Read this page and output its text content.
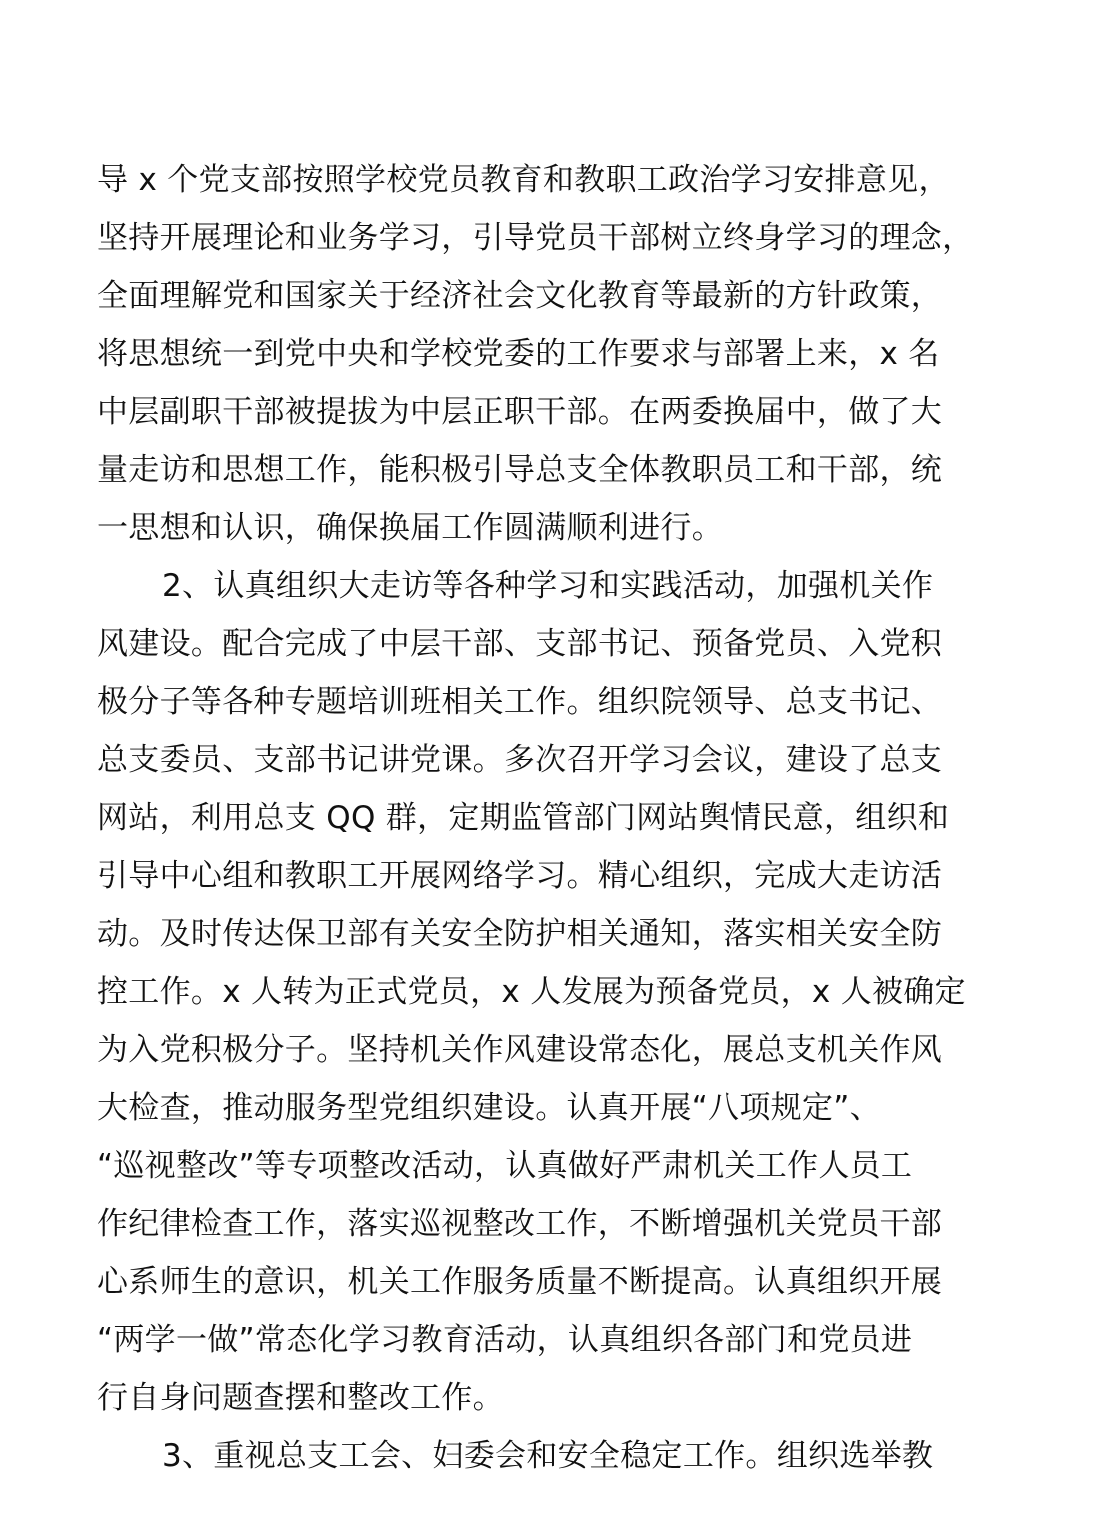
导 x 个党支部按照学校党员教育和教职工政治学习安排意见，
坚持开展理论和业务学习，引导党员干部树立终身学习的理念，
全面理解党和国家关于经济社会文化教育等最新的方针政策，
将思想统一到党中央和学校党委的工作要求与部署上来，x 名
中层副职干部被提拔为中层正职干部。在两委换届中，做了大
量走访和思想工作，能积极引导总支全体教职员工和干部，统
一思想和认识，确保换届工作圆满顺利进行。
2、认真组织大走访等各种学习和实践活动，加强机关作
风建设。配合完成了中层干部、支部书记、预备党员、入党积
极分子等各种专题培训班相关工作。组织院领导、总支书记、
总支委员、支部书记讲党课。多次召开学习会议，建设了总支
网站，利用总支 QQ 群，定期监管部门网站舆情民意，组织和
引导中心组和教职工开展网络学习。精心组织，完成大走访活
动。及时传达保卫部有关安全防护相关通知，落实相关安全防
控工作。x 人转为正式党员，x 人发展为预备党员，x 人被确定
为入党积极分子。坚持机关作风建设常态化，展总支机关作风
大检查，推动服务型党组织建设。认真开展“八项规定”、
“巡视整改”等专项整改活动，认真做好严肃机关工作人员工
作纪律检查工作，落实巡视整改工作，不断增强机关党员干部
心系师生的意识，机关工作服务质量不断提高。认真组织开展
“两学一做”常态化学习教育活动，认真组织各部门和党员进
行自身问题查摆和整改工作。
3、重视总支工会、妇委会和安全稳定工作。组织选举教
